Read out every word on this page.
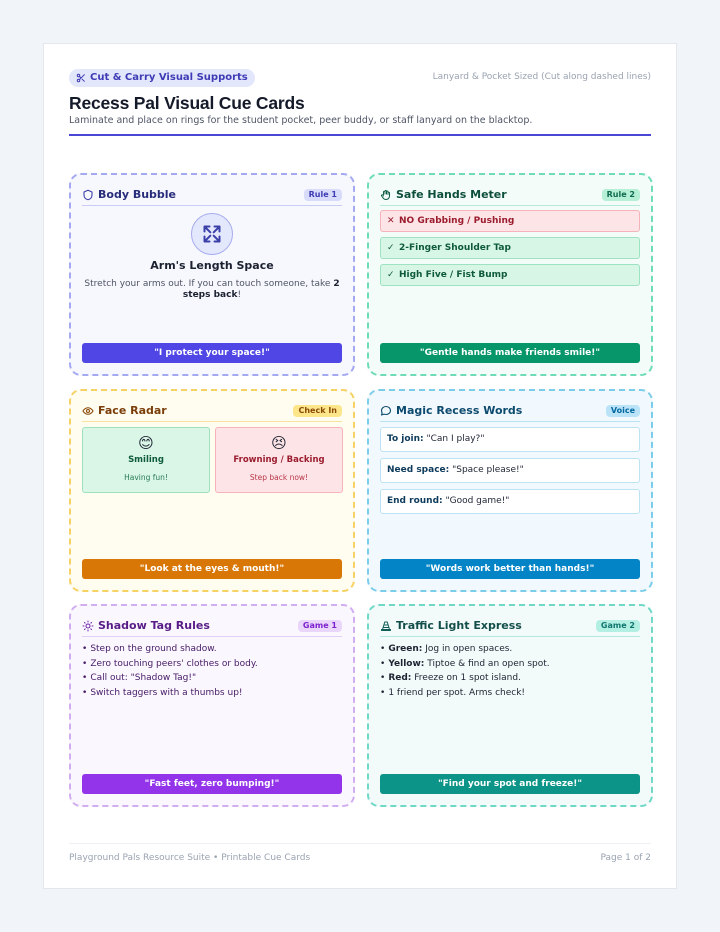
Cut & Carry Visual Supports	Lanyard & Pocket Sized (Cut along dashed lines)
Recess Pal Visual Cue Cards
Laminate and place on rings for the student pocket, peer buddy, or staff lanyard on the blacktop.
Body Bubble	Rule 1
Arm's Length Space
Stretch your arms out. If you can touch someone, take 2 steps back!
"I protect your space!"
Safe Hands Meter	Rule 2
✕ NO Grabbing / Pushing
✓ 2-Finger Shoulder Tap
✓ High Five / Fist Bump
"Gentle hands make friends smile!"
Face Radar	Check In
😊
Smiling
Having fun!
😣
Frowning / Backing
Step back now!
"Look at the eyes & mouth!"
Magic Recess Words	Voice
To join: "Can I play?"
Need space: "Space please!"
End round: "Good game!"
"Words work better than hands!"
Shadow Tag Rules	Game 1
• Step on the ground shadow.
• Zero touching peers' clothes or body.
• Call out: "Shadow Tag!"
• Switch taggers with a thumbs up!
"Fast feet, zero bumping!"
Traffic Light Express	Game 2
• Green: Jog in open spaces.
• Yellow: Tiptoe & find an open spot.
• Red: Freeze on 1 spot island.
• 1 friend per spot. Arms check!
"Find your spot and freeze!"
Playground Pals Resource Suite • Printable Cue Cards	Page 1 of 2
